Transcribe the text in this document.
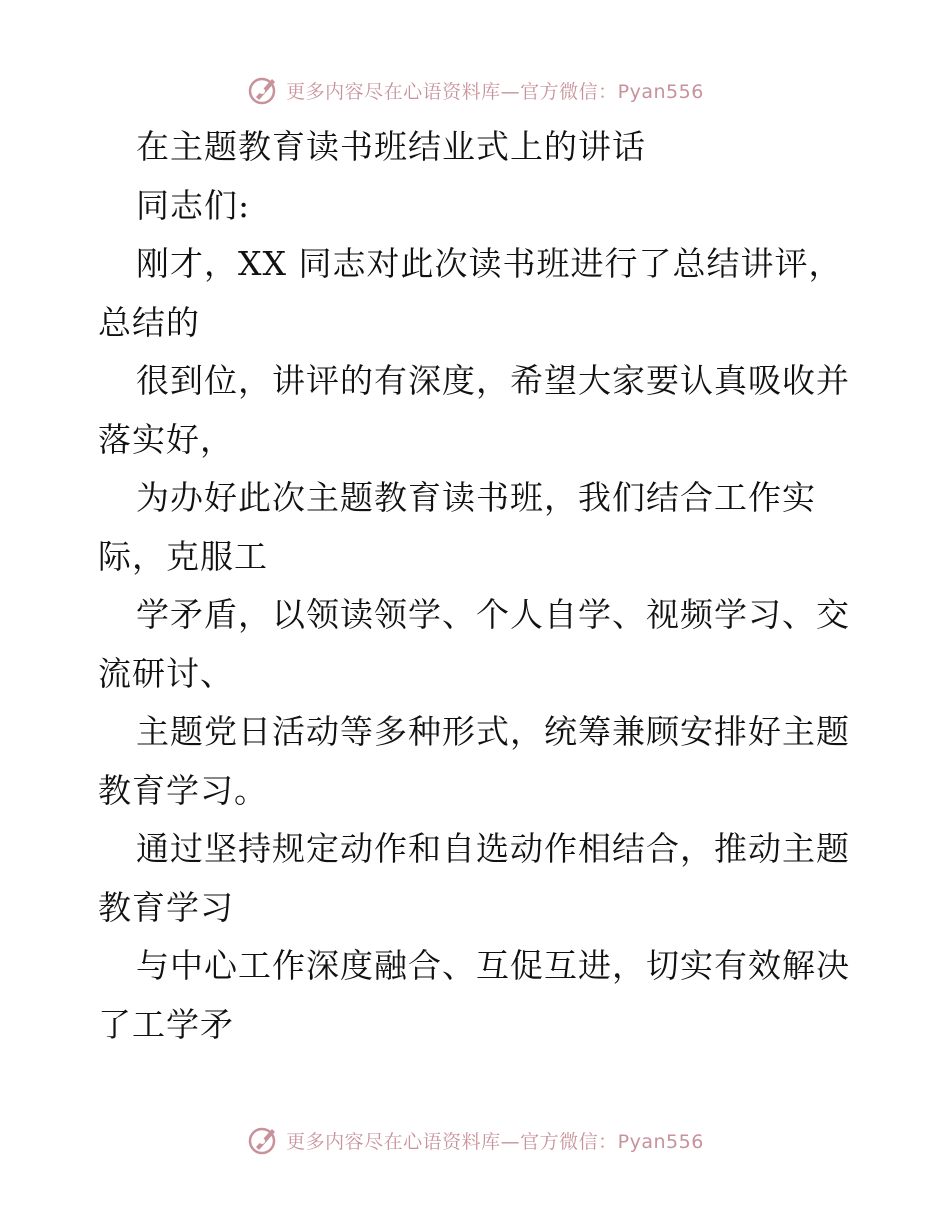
更多内容尽在心语资料库—官方微信：Pyan556
在主题教育读书班结业式上的讲话
同志们:
刚才，XX 同志对此次读书班进行了总结讲评，
总结的
很到位，讲评的有深度，希望大家要认真吸收并
落实好，
为办好此次主题教育读书班，我们结合工作实
际，克服工
学矛盾，以领读领学、个人自学、视频学习、交
流研讨、
主题党日活动等多种形式，统筹兼顾安排好主题
教育学习。
通过坚持规定动作和自选动作相结合，推动主题
教育学习
与中心工作深度融合、互促互进，切实有效解决
了工学矛
更多内容尽在心语资料库—官方微信：Pyan556
